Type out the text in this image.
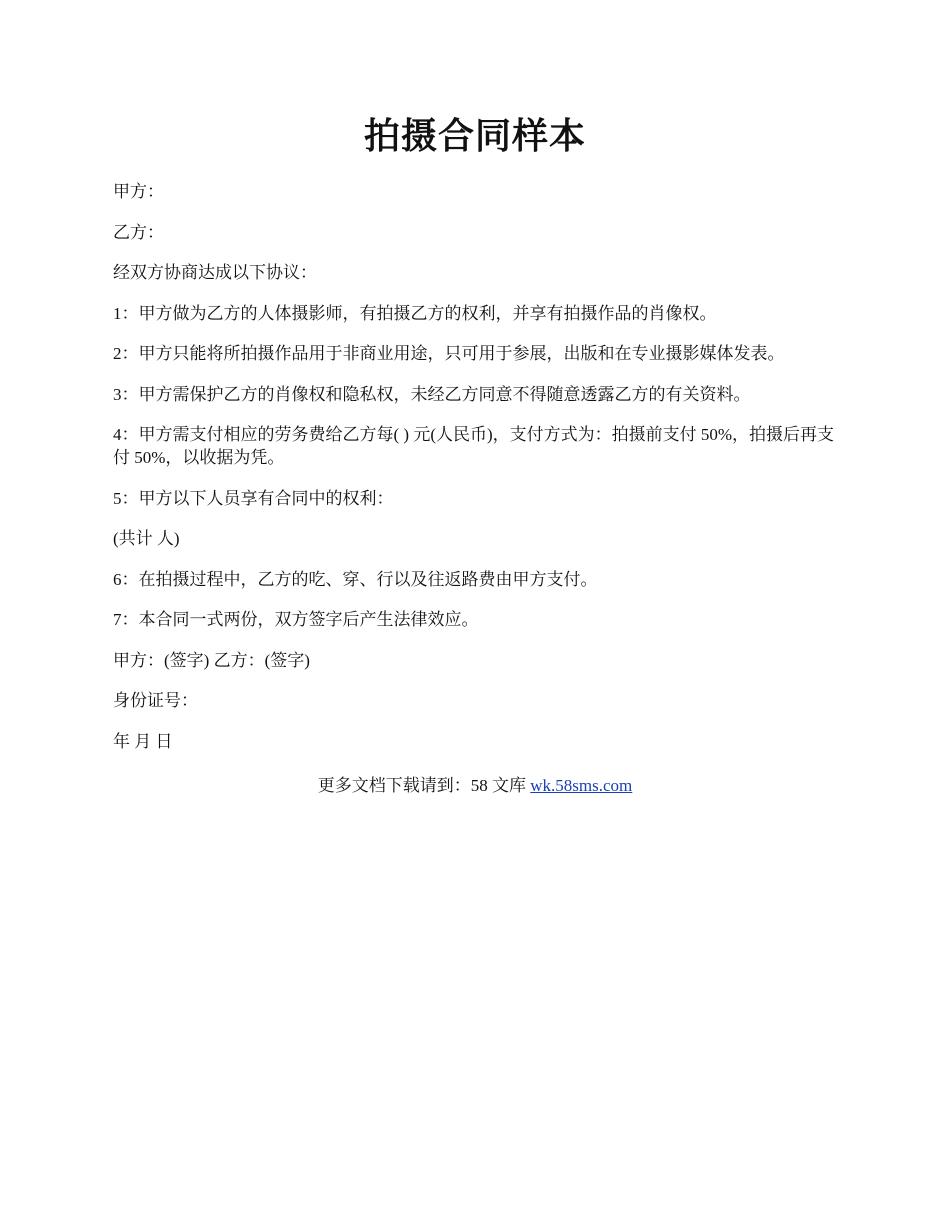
拍摄合同样本

甲方：

乙方：

经双方协商达成以下协议：

1：甲方做为乙方的人体摄影师，有拍摄乙方的权利，并享有拍摄作品的肖像权。

2：甲方只能将所拍摄作品用于非商业用途，只可用于参展，出版和在专业摄影媒体发表。

3：甲方需保护乙方的肖像权和隐私权，未经乙方同意不得随意透露乙方的有关资料。

4：甲方需支付相应的劳务费给乙方每( ) 元(人民币)，支付方式为：拍摄前支付 50%，拍摄后再支付 50%，以收据为凭。

5：甲方以下人员享有合同中的权利：

(共计 人)

6：在拍摄过程中，乙方的吃、穿、行以及往返路费由甲方支付。

7：本合同一式两份，双方签字后产生法律效应。

甲方：(签字) 乙方：(签字)

身份证号：

年 月 日

更多文档下载请到：58 文库 wk.58sms.com
